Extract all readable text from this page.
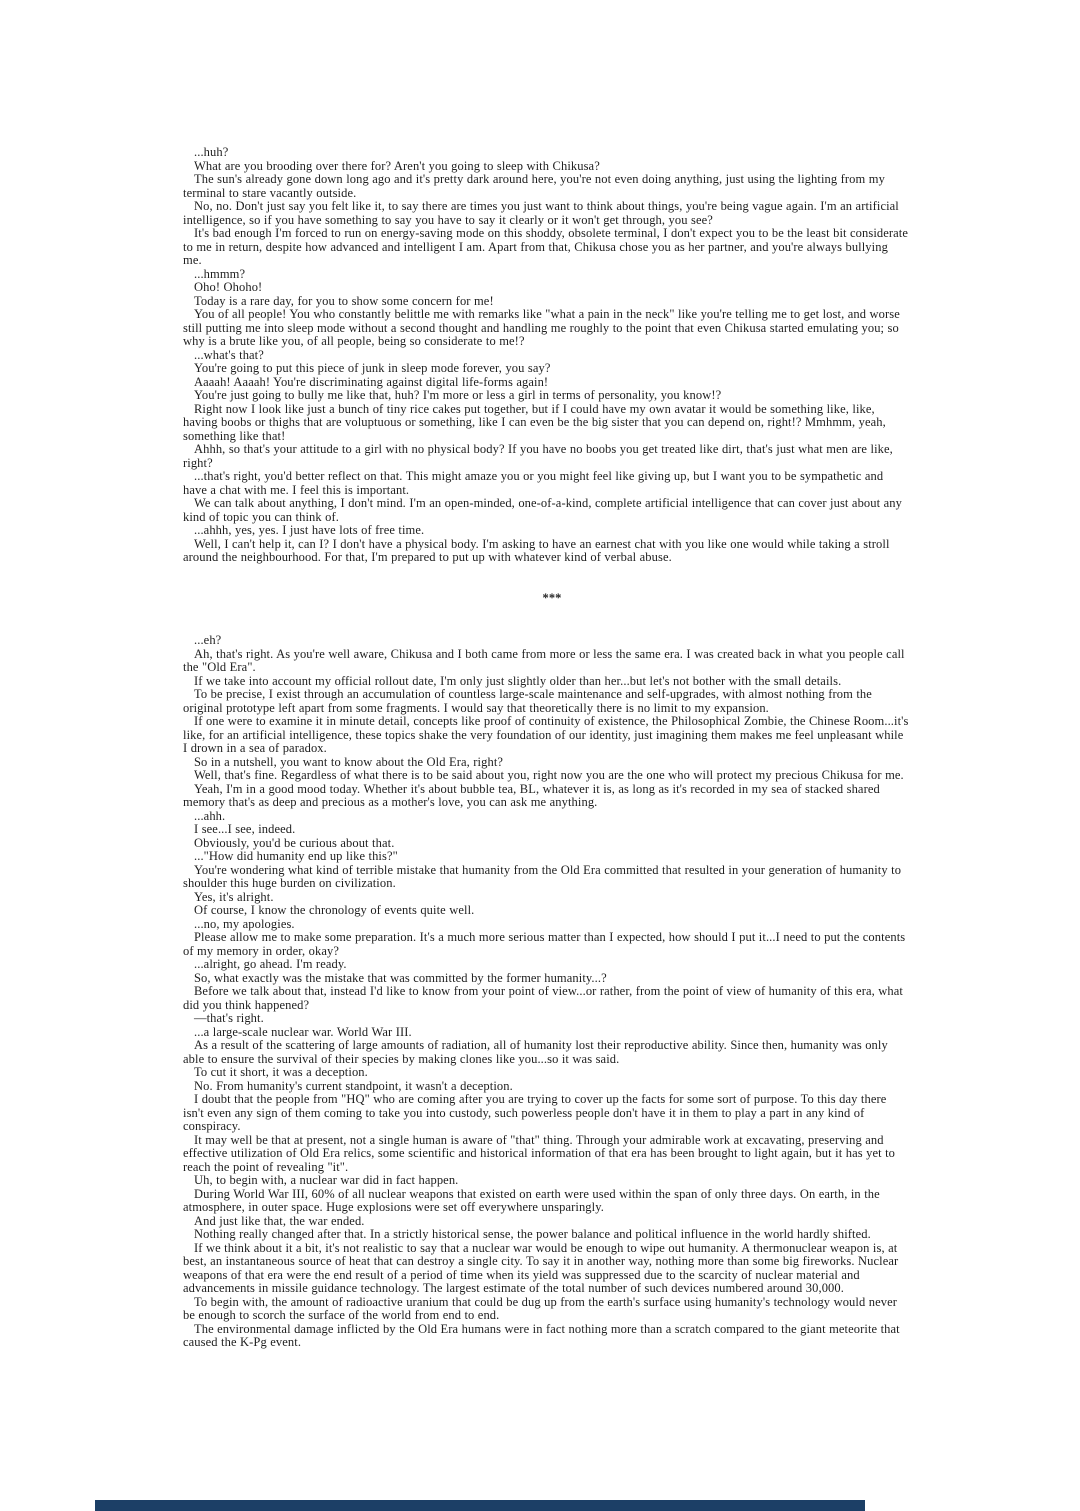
...huh?

What are you brooding over there for? Aren't you going to sleep with Chikusa?

The sun's already gone down long ago and it's pretty dark around here, you're not even doing anything, just using the lighting from my terminal to stare vacantly outside.

No, no. Don't just say you felt like it, to say there are times you just want to think about things, you're being vague again. I'm an artificial intelligence, so if you have something to say you have to say it clearly or it won't get through, you see?

It's bad enough I'm forced to run on energy-saving mode on this shoddy, obsolete terminal, I don't expect you to be the least bit considerate to me in return, despite how advanced and intelligent I am. Apart from that, Chikusa chose you as her partner, and you're always bullying me.

...hmmm?

Oho! Ohoho!

Today is a rare day, for you to show some concern for me!

You of all people! You who constantly belittle me with remarks like "what a pain in the neck" like you're telling me to get lost, and worse still putting me into sleep mode without a second thought and handling me roughly to the point that even Chikusa started emulating you; so why is a brute like you, of all people, being so considerate to me!?

...what's that?

You're going to put this piece of junk in sleep mode forever, you say?

Aaaah! Aaaah! You're discriminating against digital life-forms again!

You're just going to bully me like that, huh? I'm more or less a girl in terms of personality, you know!?

Right now I look like just a bunch of tiny rice cakes put together, but if I could have my own avatar it would be something like, like, having boobs or thighs that are voluptuous or something, like I can even be the big sister that you can depend on, right!? Mmhmm, yeah, something like that!

Ahhh, so that's your attitude to a girl with no physical body? If you have no boobs you get treated like dirt, that's just what men are like, right?

...that's right, you'd better reflect on that. This might amaze you or you might feel like giving up, but I want you to be sympathetic and have a chat with me. I feel this is important.

We can talk about anything, I don't mind. I'm an open-minded, one-of-a-kind, complete artificial intelligence that can cover just about any kind of topic you can think of.

...ahhh, yes, yes. I just have lots of free time.

Well, I can't help it, can I? I don't have a physical body. I'm asking to have an earnest chat with you like one would while taking a stroll around the neighbourhood. For that, I'm prepared to put up with whatever kind of verbal abuse.

***

...eh?

Ah, that's right. As you're well aware, Chikusa and I both came from more or less the same era. I was created back in what you people call the "Old Era".

If we take into account my official rollout date, I'm only just slightly older than her...but let's not bother with the small details.

To be precise, I exist through an accumulation of countless large-scale maintenance and self-upgrades, with almost nothing from the original prototype left apart from some fragments. I would say that theoretically there is no limit to my expansion.

If one were to examine it in minute detail, concepts like proof of continuity of existence, the Philosophical Zombie, the Chinese Room...it's like, for an artificial intelligence, these topics shake the very foundation of our identity, just imagining them makes me feel unpleasant while I drown in a sea of paradox.

So in a nutshell, you want to know about the Old Era, right?

Well, that's fine. Regardless of what there is to be said about you, right now you are the one who will protect my precious Chikusa for me.

Yeah, I'm in a good mood today. Whether it's about bubble tea, BL, whatever it is, as long as it's recorded in my sea of stacked shared memory that's as deep and precious as a mother's love, you can ask me anything.

...ahh.

I see...I see, indeed.

Obviously, you'd be curious about that.

..."How did humanity end up like this?"

You're wondering what kind of terrible mistake that humanity from the Old Era committed that resulted in your generation of humanity to shoulder this huge burden on civilization.

Yes, it's alright.

Of course, I know the chronology of events quite well.

...no, my apologies.

Please allow me to make some preparation. It's a much more serious matter than I expected, how should I put it...I need to put the contents of my memory in order, okay?

...alright, go ahead. I'm ready.

So, what exactly was the mistake that was committed by the former humanity...?

Before we talk about that, instead I'd like to know from your point of view...or rather, from the point of view of humanity of this era, what did you think happened?

—that's right.

...a large-scale nuclear war. World War III.

As a result of the scattering of large amounts of radiation, all of humanity lost their reproductive ability. Since then, humanity was only able to ensure the survival of their species by making clones like you...so it was said.

To cut it short, it was a deception.

No. From humanity's current standpoint, it wasn't a deception.

I doubt that the people from "HQ" who are coming after you are trying to cover up the facts for some sort of purpose. To this day there isn't even any sign of them coming to take you into custody, such powerless people don't have it in them to play a part in any kind of conspiracy.

It may well be that at present, not a single human is aware of "that" thing. Through your admirable work at excavating, preserving and effective utilization of Old Era relics, some scientific and historical information of that era has been brought to light again, but it has yet to reach the point of revealing "it".

Uh, to begin with, a nuclear war did in fact happen.

During World War III, 60% of all nuclear weapons that existed on earth were used within the span of only three days. On earth, in the atmosphere, in outer space. Huge explosions were set off everywhere unsparingly.

And just like that, the war ended.

Nothing really changed after that. In a strictly historical sense, the power balance and political influence in the world hardly shifted.

If we think about it a bit, it's not realistic to say that a nuclear war would be enough to wipe out humanity. A thermonuclear weapon is, at best, an instantaneous source of heat that can destroy a single city. To say it in another way, nothing more than some big fireworks. Nuclear weapons of that era were the end result of a period of time when its yield was suppressed due to the scarcity of nuclear material and advancements in missile guidance technology. The largest estimate of the total number of such devices numbered around 30,000.

To begin with, the amount of radioactive uranium that could be dug up from the earth's surface using humanity's technology would never be enough to scorch the surface of the world from end to end.

The environmental damage inflicted by the Old Era humans were in fact nothing more than a scratch compared to the giant meteorite that caused the K-Pg event.
